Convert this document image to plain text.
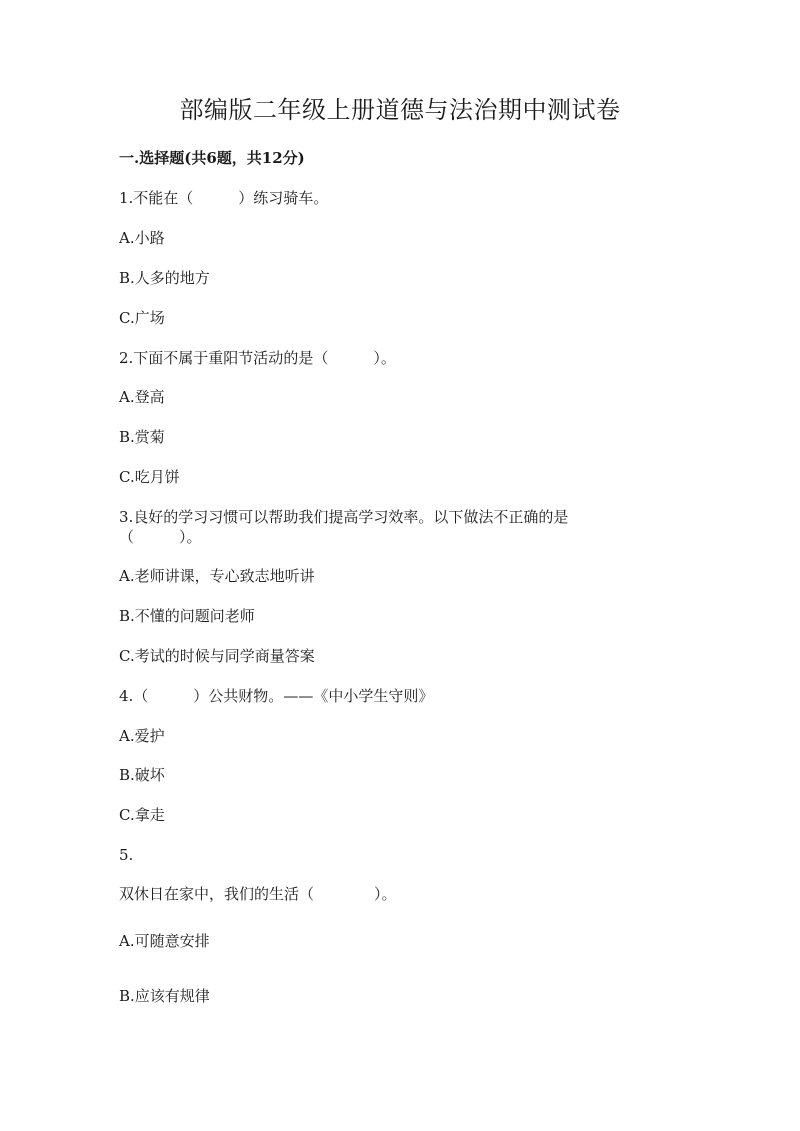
部编版二年级上册道德与法治期中测试卷
一.选择题(共6题，共12分)
1.不能在（　　　）练习骑车。
A.小路
B.人多的地方
C.广场
2.下面不属于重阳节活动的是（　　　）。
A.登高
B.赏菊
C.吃月饼
3.良好的学习习惯可以帮助我们提高学习效率。以下做法不正确的是
（　　　）。
A.老师讲课，专心致志地听讲
B.不懂的问题问老师
C.考试的时候与同学商量答案
4.（　　　）公共财物。——《中小学生守则》
A.爱护
B.破坏
C.拿走
5.
双休日在家中，我们的生活（　　　　）。
A.可随意安排
B.应该有规律
